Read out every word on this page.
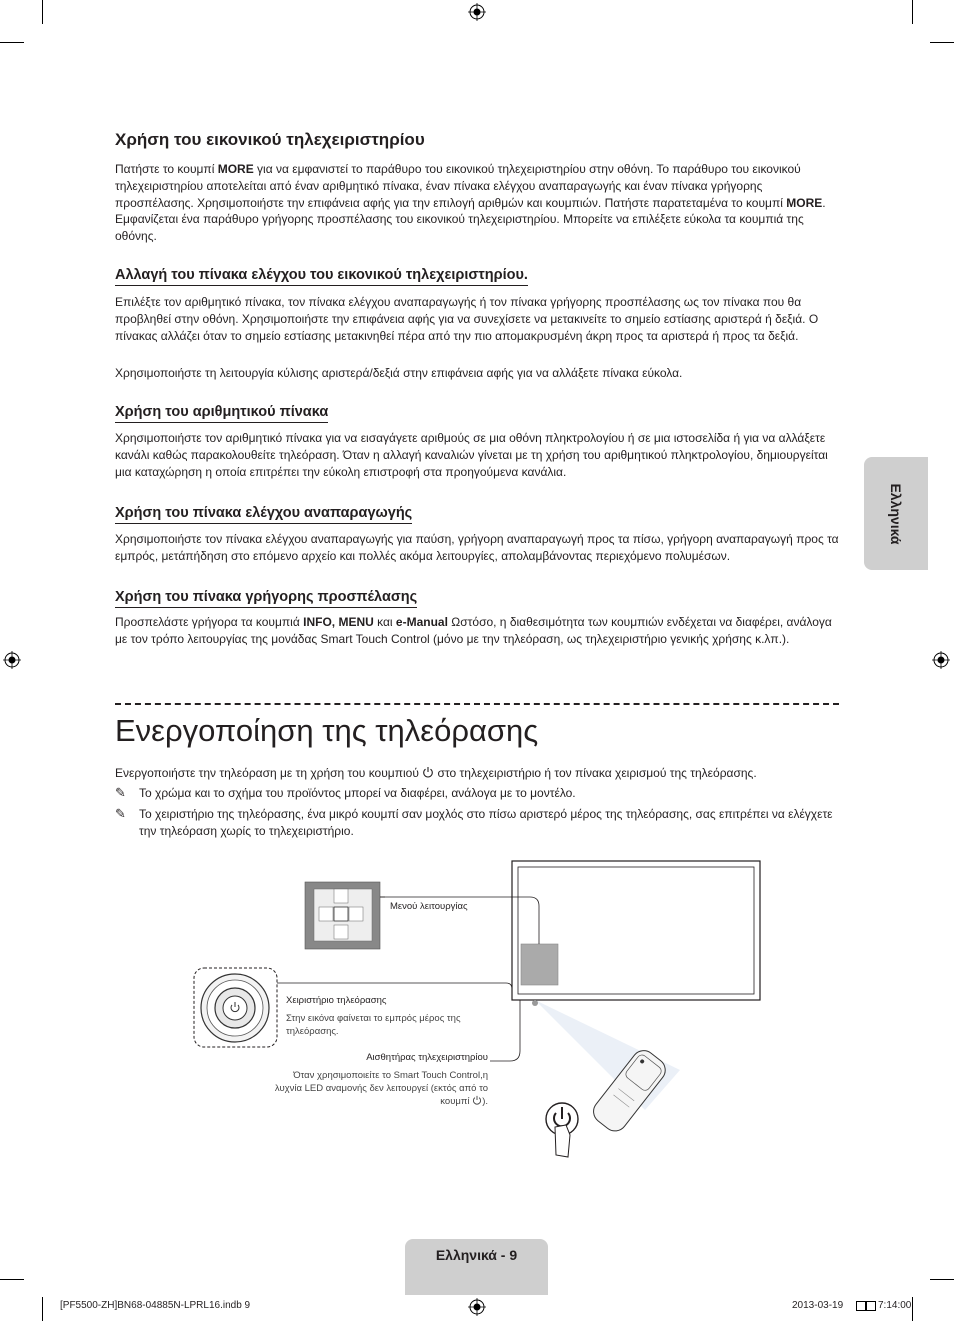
Χρήση του εικονικού τηλεχειριστηρίου

Πατήστε το κουμπί MORE για να εμφανιστεί το παράθυρο του εικονικού τηλεχειριστηρίου στην οθόνη. Το παράθυρο του εικονικού τηλεχειριστηρίου αποτελείται από έναν αριθμητικό πίνακα, έναν πίνακα ελέγχου αναπαραγωγής και έναν πίνακα γρήγορης προσπέλασης. Χρησιμοποιήστε την επιφάνεια αφής για την επιλογή αριθμών και κουμπιών. Πατήστε παρατεταμένα το κουμπί MORE. Εμφανίζεται ένα παράθυρο γρήγορης προσπέλασης του εικονικού τηλεχειριστηρίου. Μπορείτε να επιλέξετε εύκολα τα κουμπιά της οθόνης.

Αλλαγή του πίνακα ελέγχου του εικονικού τηλεχειριστηρίου.

Επιλέξτε τον αριθμητικό πίνακα, τον πίνακα ελέγχου αναπαραγωγής ή τον πίνακα γρήγορης προσπέλασης ως τον πίνακα που θα προβληθεί στην οθόνη. Χρησιμοποιήστε την επιφάνεια αφής για να συνεχίσετε να μετακινείτε το σημείο εστίασης αριστερά ή δεξιά. Ο πίνακας αλλάζει όταν το σημείο εστίασης μετακινηθεί πέρα από την πιο απομακρυσμένη άκρη προς τα αριστερά ή προς τα δεξιά.

Χρησιμοποιήστε τη λειτουργία κύλισης αριστερά/δεξιά στην επιφάνεια αφής για να αλλάξετε πίνακα εύκολα.

Χρήση του αριθμητικού πίνακα

Χρησιμοποιήστε τον αριθμητικό πίνακα για να εισαγάγετε αριθμούς σε μια οθόνη πληκτρολογίου ή σε μια ιστοσελίδα ή για να αλλάξετε κανάλι καθώς παρακολουθείτε τηλεόραση. Όταν η αλλαγή καναλιών γίνεται με τη χρήση του αριθμητικού πληκτρολογίου, δημιουργείται μια καταχώρηση η οποία επιτρέπει την εύκολη επιστροφή στα προηγούμενα κανάλια.

Χρήση του πίνακα ελέγχου αναπαραγωγής

Χρησιμοποιήστε τον πίνακα ελέγχου αναπαραγωγής για παύση, γρήγορη αναπαραγωγή προς τα πίσω, γρήγορη αναπαραγωγή προς τα εμπρός, μετάπήδηση στο επόμενο αρχείο και πολλές ακόμα λειτουργίες, απολαμβάνοντας περιεχόμενο πολυμέσων.

Χρήση του πίνακα γρήγορης προσπέλασης

Προσπελάστε γρήγορα τα κουμπιά INFO, MENU και e-Manual Ωστόσο, η διαθεσιμότητα των κουμπιών ενδέχεται να διαφέρει, ανάλογα με τον τρόπο λειτουργίας της μονάδας Smart Touch Control (μόνο με την τηλεόραση, ως τηλεχειριστήριο γενικής χρήσης κ.λπ.).

Ενεργοποίηση της τηλεόρασης

Ενεργοποιήστε την τηλεόραση με τη χρήση του κουμπιού  στο τηλεχειριστήριο ή τον πίνακα χειρισμού της τηλεόρασης.

✎ Το χρώμα και το σχήμα του προϊόντος μπορεί να διαφέρει, ανάλογα με το μοντέλο.

✎ Το χειριστήριο της τηλεόρασης, ένα μικρό κουμπί σαν μοχλός στο πίσω αριστερό μέρος της τηλεόρασης, σας επιτρέπει να ελέγχετε την τηλεόραση χωρίς το τηλεχειριστήριο.

Μενού λειτουργίας
Χειριστήριο τηλεόρασης
Στην εικόνα φαίνεται το εμπρός μέρος της τηλεόρασης.
Αισθητήρας τηλεχειριστηρίου
Όταν χρησιμοποιείτε το Smart Touch Control,η λυχνία LED αναμονής δεν λειτουργεί (εκτός από το κουμπί ).
Ελληνικά
Ελληνικά - 9
[PF5500-ZH]BN68-04885N-LPRL16.indb 9	2013-03-19	7:14:00
